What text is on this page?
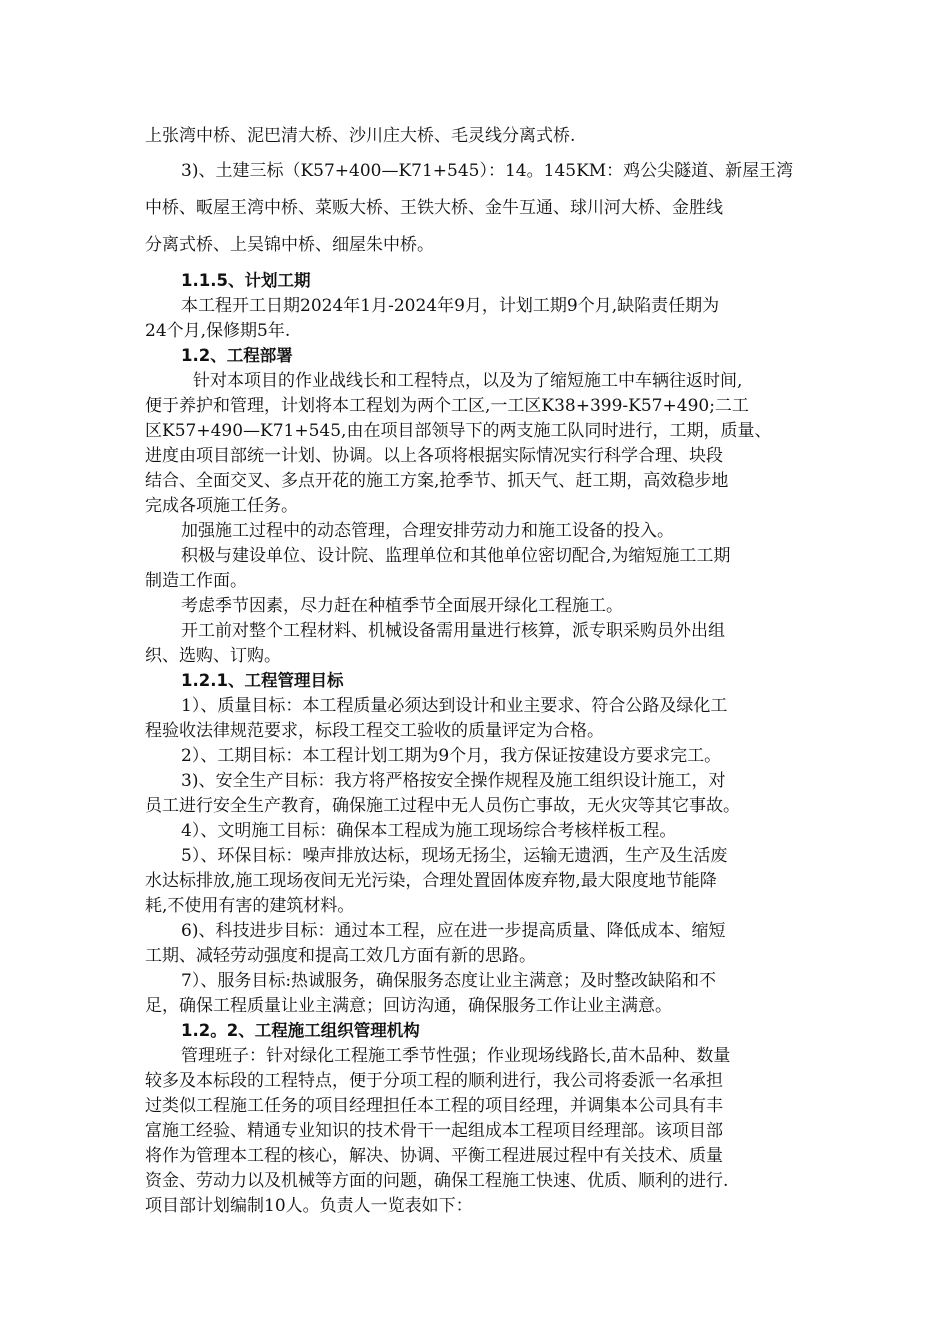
上张湾中桥、泥巴清大桥、沙川庄大桥、毛灵线分离式桥.
3)、土建三标（K57+400—K71+545）：14。145KM：鸡公尖隧道、新屋王湾
中桥、畈屋王湾中桥、菜贩大桥、王铁大桥、金牛互通、球川河大桥、金胜线
分离式桥、上吴锦中桥、细屋朱中桥。
1.1.5、计划工期
本工程开工日期2024年1月-2024年9月，计划工期9个月,缺陷责任期为
24个月,保修期5年.
1.2、工程部署
针对本项目的作业战线长和工程特点，以及为了缩短施工中车辆往返时间,
便于养护和管理，计划将本工程划为两个工区,一工区K38+399-K57+490;二工
区K57+490—K71+545,由在项目部领导下的两支施工队同时进行，工期，质量、
进度由项目部统一计划、协调。以上各项将根据实际情况实行科学合理、块段
结合、全面交叉、多点开花的施工方案,抢季节、抓天气、赶工期，高效稳步地
完成各项施工任务。
加强施工过程中的动态管理，合理安排劳动力和施工设备的投入。
积极与建设单位、设计院、监理单位和其他单位密切配合,为缩短施工工期
制造工作面。
考虑季节因素，尽力赶在种植季节全面展开绿化工程施工。
开工前对整个工程材料、机械设备需用量进行核算，派专职采购员外出组
织、选购、订购。
1.2.1、工程管理目标
1）、质量目标：本工程质量必须达到设计和业主要求、符合公路及绿化工
程验收法律规范要求，标段工程交工验收的质量评定为合格。
2）、工期目标：本工程计划工期为9个月，我方保证按建设方要求完工。
3)、安全生产目标：我方将严格按安全操作规程及施工组织设计施工，对
员工进行安全生产教育，确保施工过程中无人员伤亡事故，无火灾等其它事故。
4）、文明施工目标：确保本工程成为施工现场综合考核样板工程。
5）、环保目标：噪声排放达标，现场无扬尘，运输无遗洒，生产及生活废
水达标排放,施工现场夜间无光污染，合理处置固体废弃物,最大限度地节能降
耗,不使用有害的建筑材料。
6)、科技进步目标：通过本工程，应在进一步提高质量、降低成本、缩短
工期、减轻劳动强度和提高工效几方面有新的思路。
7）、服务目标:热诚服务，确保服务态度让业主满意；及时整改缺陷和不
足，确保工程质量让业主满意；回访沟通，确保服务工作让业主满意。
1.2。2、工程施工组织管理机构
管理班子：针对绿化工程施工季节性强；作业现场线路长,苗木品种、数量
较多及本标段的工程特点，便于分项工程的顺利进行，我公司将委派一名承担
过类似工程施工任务的项目经理担任本工程的项目经理，并调集本公司具有丰
富施工经验、精通专业知识的技术骨干一起组成本工程项目经理部。该项目部
将作为管理本工程的核心，解决、协调、平衡工程进展过程中有关技术、质量
资金、劳动力以及机械等方面的问题，确保工程施工快速、优质、顺利的进行.
项目部计划编制10人。负责人一览表如下：
